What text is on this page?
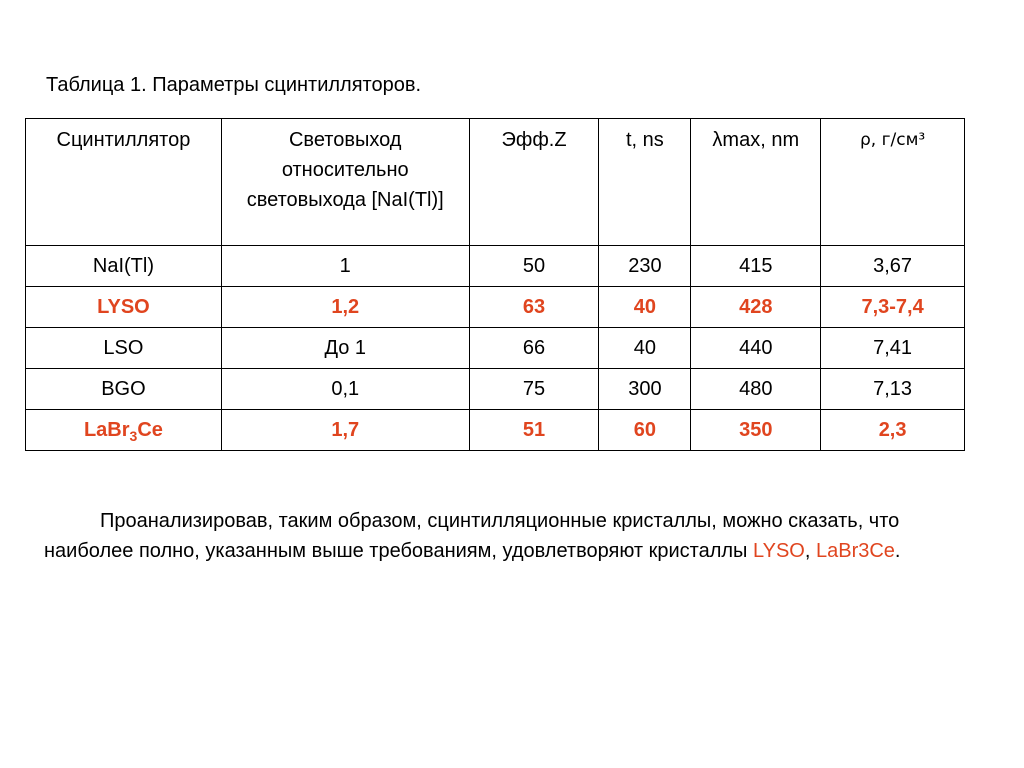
Таблица 1. Параметры сцинтилляторов.
Сцинтиллятор	Световыход относительно световыхода [NaI(Tl)]	Эфф.Z	t, ns	λmax, nm	ρ, г/см³
NaI(Tl)	1	50	230	415	3,67
LYSO	1,2	63	40	428	7,3-7,4
LSO	До 1	66	40	440	7,41
BGO	0,1	75	300	480	7,13
LaBr$_3$Ce	1,7	51	60	350	2,3
Проанализировав, таким образом, сцинтилляционные кристаллы, можно сказать, что наиболее полно, указанным выше требованиям, удовлетворяют кристаллы LYSO, LaBr3Ce.
